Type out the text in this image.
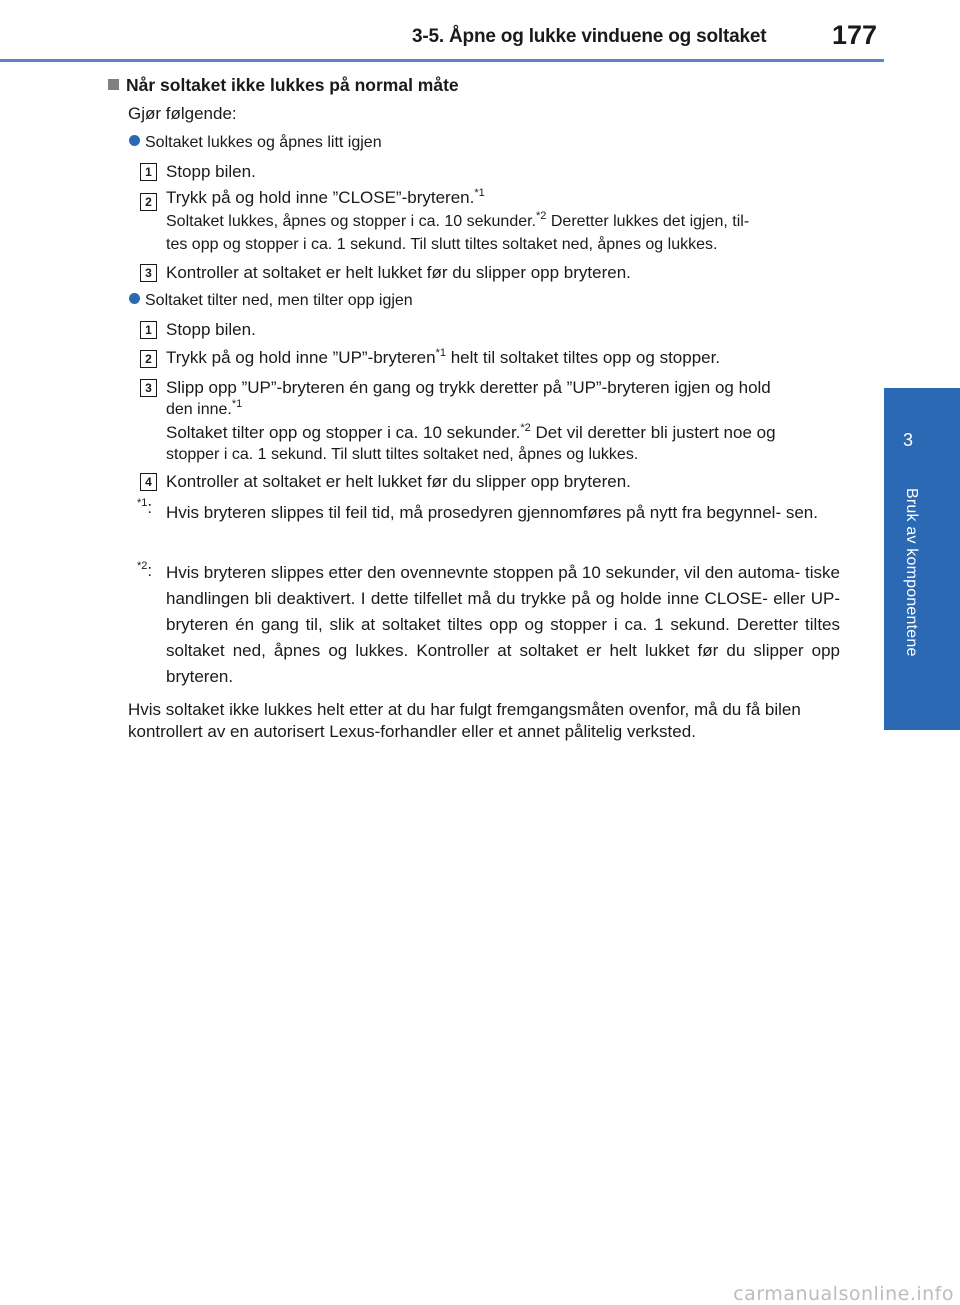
3-5. Åpne og lukke vinduene og soltaket 177
3
Bruk av komponentene
Når soltaket ikke lukkes på normal måte
Gjør følgende:
Soltaket lukkes og åpnes litt igjen
1 Stopp bilen.
2 Trykk på og hold inne ”CLOSE”-bryteren.$^{*1}$
Soltaket lukkes, åpnes og stopper i ca. 10 sekunder.$^{*2}$ Deretter lukkes det igjen, til-
tes opp og stopper i ca. 1 sekund. Til slutt tiltes soltaket ned, åpnes og lukkes.
3 Kontroller at soltaket er helt lukket før du slipper opp bryteren.
Soltaket tilter ned, men tilter opp igjen
1 Stopp bilen.
2 Trykk på og hold inne ”UP”-bryteren$^{*1}$ helt til soltaket tiltes opp og stopper.
3 Slipp opp ”UP”-bryteren én gang og trykk deretter på ”UP”-bryteren igjen og hold
den inne.$^{*1}$
Soltaket tilter opp og stopper i ca. 10 sekunder.$^{*2}$ Det vil deretter bli justert noe og
stopper i ca. 1 sekund. Til slutt tiltes soltaket ned, åpnes og lukkes.
4 Kontroller at soltaket er helt lukket før du slipper opp bryteren.
$^{*1}$: Hvis bryteren slippes til feil tid, må prosedyren gjennomføres på nytt fra begynnel- sen.
$^{*2}$: Hvis bryteren slippes etter den ovennevnte stoppen på 10 sekunder, vil den automa- tiske handlingen bli deaktivert. I dette tilfellet må du trykke på og holde inne CLOSE- eller UP-bryteren én gang til, slik at soltaket tiltes opp og stopper i ca. 1 sekund. Deretter tiltes soltaket ned, åpnes og lukkes. Kontroller at soltaket er helt lukket før du slipper opp bryteren.
Hvis soltaket ikke lukkes helt etter at du har fulgt fremgangsmåten ovenfor, må du få bilen
kontrollert av en autorisert Lexus-forhandler eller et annet pålitelig verksted.
carmanualsonline.info
